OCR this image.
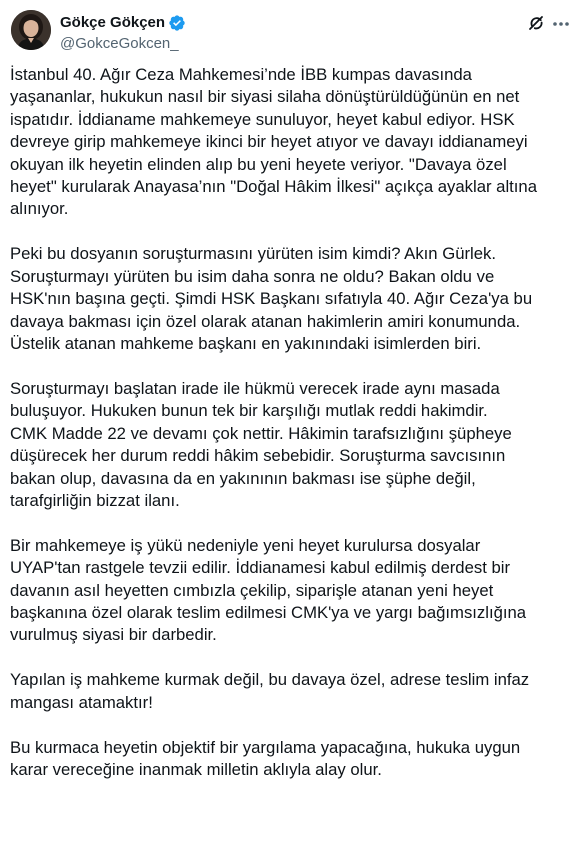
Gökçe Gökçen
@GokceGokcen_

İstanbul 40. Ağır Ceza Mahkemesi’nde İBB kumpas davasında
yaşananlar, hukukun nasıl bir siyasi silaha dönüştürüldüğünün en net
ispatıdır. İddianame mahkemeye sunuluyor, heyet kabul ediyor. HSK
devreye girip mahkemeye ikinci bir heyet atıyor ve davayı iddianameyi
okuyan ilk heyetin elinden alıp bu yeni heyete veriyor. "Davaya özel
heyet" kurularak Anayasa’nın "Doğal Hâkim İlkesi" açıkça ayaklar altına
alınıyor.

Peki bu dosyanın soruşturmasını yürüten isim kimdi? Akın Gürlek.
Soruşturmayı yürüten bu isim daha sonra ne oldu? Bakan oldu ve
HSK'nın başına geçti. Şimdi HSK Başkanı sıfatıyla 40. Ağır Ceza'ya bu
davaya bakması için özel olarak atanan hakimlerin amiri konumunda.
Üstelik atanan mahkeme başkanı en yakınındaki isimlerden biri.

Soruşturmayı başlatan irade ile hükmü verecek irade aynı masada
buluşuyor. Hukuken bunun tek bir karşılığı mutlak reddi hakimdir.
CMK Madde 22 ve devamı çok nettir. Hâkimin tarafsızlığını şüpheye
düşürecek her durum reddi hâkim sebebidir. Soruşturma savcısının
bakan olup, davasına da en yakınının bakması ise şüphe değil,
tarafgirliğin bizzat ilanı.

Bir mahkemeye iş yükü nedeniyle yeni heyet kurulursa dosyalar
UYAP'tan rastgele tevzii edilir. İddianamesi kabul edilmiş derdest bir
davanın asıl heyetten cımbızla çekilip, siparişle atanan yeni heyet
başkanına özel olarak teslim edilmesi CMK'ya ve yargı bağımsızlığına
vurulmuş siyasi bir darbedir.

Yapılan iş mahkeme kurmak değil, bu davaya özel, adrese teslim infaz
mangası atamaktır!

Bu kurmaca heyetin objektif bir yargılama yapacağına, hukuka uygun
karar vereceğine inanmak milletin aklıyla alay olur.
